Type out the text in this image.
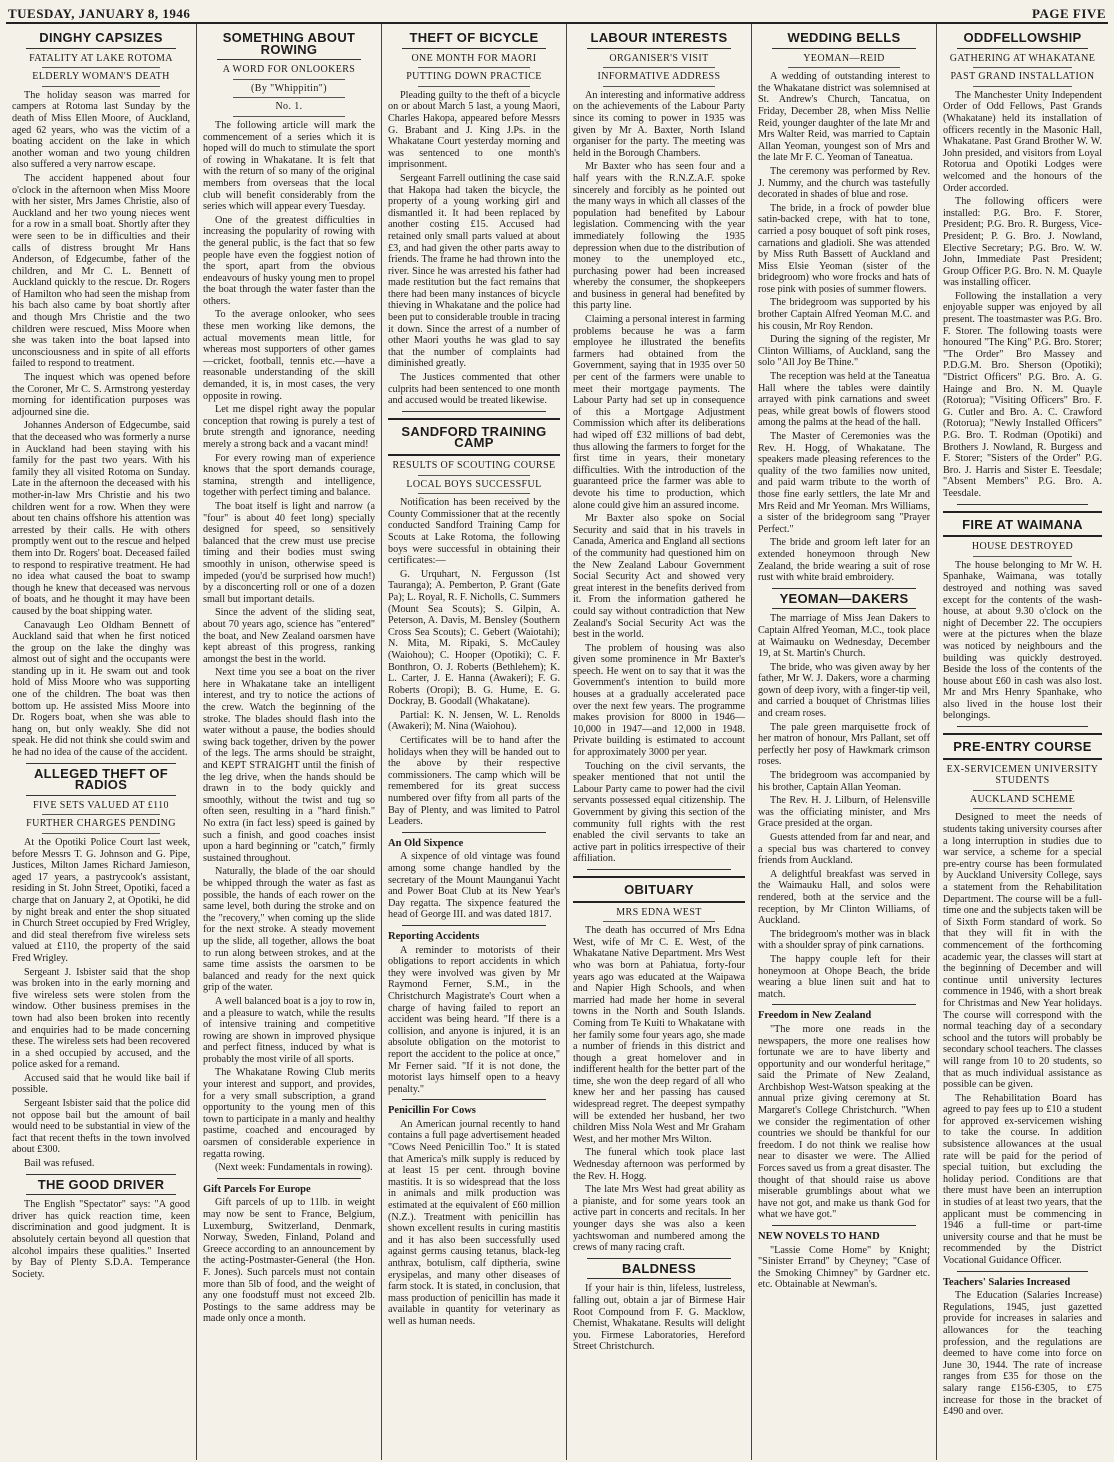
TUESDAY, JANUARY 8, 1946	PAGE FIVE
DINGHY CAPSIZES
FATALITY AT LAKE ROTOMA
ELDERLY WOMAN'S DEATH

The holiday season was marred for campers at Rotoma last Sunday by the death of Miss Ellen Moore, of Auckland, aged 62 years, who was the victim of a boating accident on the lake in which another woman and two young children also suffered a very narrow escape.

The accident happened about four o'clock in the afternoon when Miss Moore with her sister, Mrs James Christie, also of Auckland and her two young nieces went for a row in a small boat. Shortly after they were seen to be in difficulties and their calls of distress brought Mr Hans Anderson, of Edgecumbe, father of the children, and Mr C. L. Bennett of Auckland quickly to the rescue. Dr. Rogers of Hamilton who had seen the mishap from his bach also came by boat shortly after and though Mrs Christie and the two children were rescued, Miss Moore when she was taken into the boat lapsed into unconsciousness and in spite of all efforts failed to respond to treatment.

The inquest which was opened before the Coroner, Mr C. S. Armstrong yesterday morning for identification purposes was adjourned sine die.

Johannes Anderson of Edgecumbe, said that the deceased who was formerly a nurse in Auckland had been staying with his family for the past two years. With his family they all visited Rotoma on Sunday. Late in the afternoon the deceased with his mother-in-law Mrs Christie and his two children went for a row. When they were about ten chains offshore his attention was arrested by their calls. He with others promptly went out to the rescue and helped them into Dr. Rogers' boat. Deceased failed to respond to respirative treatment. He had no idea what caused the boat to swamp though he knew that deceased was nervous of boats, and he thought it may have been caused by the boat shipping water.

Canavaugh Leo Oldham Bennett of Auckland said that when he first noticed the group on the lake the dinghy was almost out of sight and the occupants were standing up in it. He swam out and took hold of Miss Moore who was supporting one of the children. The boat was then bottom up. He assisted Miss Moore into Dr. Rogers boat, when she was able to hang on, but only weakly. She did not speak. He did not think she could swim and he had no idea of the cause of the accident.

ALLEGED THEFT OF RADIOS
FIVE SETS VALUED AT £110
FURTHER CHARGES PENDING

At the Opotiki Police Court last week, before Messrs T. G. Johnson and G. Pipe, Justices, Milton James Richard Jamieson, aged 17 years, a pastrycook's assistant, residing in St. John Street, Opotiki, faced a charge that on January 2, at Opotiki, he did by night break and enter the shop situated in Church Street occupied by Fred Wrigley, and did steal therefrom five wireless sets valued at £110, the property of the said Fred Wrigley.

Sergeant J. Isbister said that the shop was broken into in the early morning and five wireless sets were stolen from the window. Other business premises in the town had also been broken into recently and enquiries had to be made concerning these. The wireless sets had been recovered in a shed occupied by accused, and the police asked for a remand.

Accused said that he would like bail if possible.

Sergeant Isbister said that the police did not oppose bail but the amount of bail would need to be substantial in view of the fact that recent thefts in the town involved about £300.

Bail was refused.

THE GOOD DRIVER

The English "Spectator" says: "A good driver has quick reaction time, keen discrimination and good judgment. It is absolutely certain beyond all question that alcohol impairs these qualities." Inserted by Bay of Plenty S.D.A. Temperance Society.

SOMETHING ABOUT ROWING
A WORD FOR ONLOOKERS
(By "Whippitin")
No. 1.

The following article will mark the commencement of a series which it is hoped will do much to stimulate the sport of rowing in Whakatane. It is felt that with the return of so many of the original members from overseas that the local club will benefit considerably from the series which will appear every Tuesday.

One of the greatest difficulties in increasing the popularity of rowing with the general public, is the fact that so few people have even the foggiest notion of the sport, apart from the obvious endeavours of husky young men to propel the boat through the water faster than the others.

To the average onlooker, who sees these men working like demons, the actual movements mean little, for whereas most supporters of other games—cricket, football, tennis etc.—have a reasonable understanding of the skill demanded, it is, in most cases, the very opposite in rowing.

Let me dispel right away the popular conception that rowing is purely a test of brute strength and ignorance, needing merely a strong back and a vacant mind!

For every rowing man of experience knows that the sport demands courage, stamina, strength and intelligence, together with perfect timing and balance.

The boat itself is light and narrow (a "four" is about 40 feet long) specially designed for speed, so sensitively balanced that the crew must use precise timing and their bodies must swing smoothly in unison, otherwise speed is impeded (you'd be surprised how much!) by a disconcerting roll or one of a dozen small but important details.

Since the advent of the sliding seat, about 70 years ago, science has "entered" the boat, and New Zealand oarsmen have kept abreast of this progress, ranking amongst the best in the world.

Next time you see a boat on the river here in Whakatane take an intelligent interest, and try to notice the actions of the crew. Watch the beginning of the stroke. The blades should flash into the water without a pause, the bodies should swing back together, driven by the power of the legs. The arms should be straight, and KEPT STRAIGHT until the finish of the leg drive, when the hands should be drawn in to the body quickly and smoothly, without the twist and tug so often seen, resulting in a "hard finish." No extra (in fact less) speed is gained by such a finish, and good coaches insist upon a hard beginning or "catch," firmly sustained throughout.

Naturally, the blade of the oar should be whipped through the water as fast as possible, the hands of each rower on the same level, both during the stroke and on the "recovery," when coming up the slide for the next stroke. A steady movement up the slide, all together, allows the boat to run along between strokes, and at the same time assists the oarsmen to be balanced and ready for the next quick grip of the water.

A well balanced boat is a joy to row in, and a pleasure to watch, while the results of intensive training and competitive rowing are shown in improved physique and perfect fitness, induced by what is probably the most virile of all sports.

The Whakatane Rowing Club merits your interest and support, and provides, for a very small subscription, a grand opportunity to the young men of this town to participate in a manly and healthy pastime, coached and encouraged by oarsmen of considerable experience in regatta rowing.

(Next week: Fundamentals in rowing).

Gift Parcels For Europe

Gift parcels of up to 11lb. in weight may now be sent to France, Belgium, Luxemburg, Switzerland, Denmark, Norway, Sweden, Finland, Poland and Greece according to an announcement by the acting-Postmaster-General (the Hon. F. Jones). Such parcels must not contain more than 5lb of food, and the weight of any one foodstuff must not exceed 2lb. Postings to the same address may be made only once a month.

THEFT OF BICYCLE
ONE MONTH FOR MAORI
PUTTING DOWN PRACTICE

Pleading guilty to the theft of a bicycle on or about March 5 last, a young Maori, Charles Hakopa, appeared before Messrs G. Brabant and J. King J.Ps. in the Whakatane Court yesterday morning and was sentenced to one month's imprisonment.

Sergeant Farrell outlining the case said that Hakopa had taken the bicycle, the property of a young working girl and dismantled it. It had been replaced by another costing £15. Accused had retained only small parts valued at about £3, and had given the other parts away to friends. The frame he had thrown into the river. Since he was arrested his father had made restitution but the fact remains that there had been many instances of bicycle thieving in Whakatane and the police had been put to considerable trouble in tracing it down. Since the arrest of a number of other Maori youths he was glad to say that the number of complaints had diminished greatly.

The Justices commented that other culprits had been sentenced to one month and accused would be treated likewise.

SANDFORD TRAINING CAMP
RESULTS OF SCOUTING COURSE
LOCAL BOYS SUCCESSFUL

Notification has been received by the County Commissioner that at the recently conducted Sandford Training Camp for Scouts at Lake Rotoma, the following boys were successful in obtaining their certificates:—

G. Urquhart, N. Fergusson (1st Tauranga); A. Pemberton, P. Grant (Gate Pa); L. Royal, R. F. Nicholls, C. Summers (Mount Sea Scouts); S. Gilpin, A. Peterson, A. Davis, M. Bensley (Southern Cross Sea Scouts); C. Gebert (Waiotahi); N. Mita, M. Ripaki, S. McCauley (Waiohou); C. Hooper (Opotiki); C. F. Bonthron, O. J. Roberts (Bethlehem); K. L. Carter, J. E. Hanna (Awakeri); F. G. Roberts (Oropi); B. G. Hume, E. G. Dockray, B. Goodall (Whakatane).

Partial: K. N. Jensen, W. L. Renolds (Awakeri); M. Nina (Waiohou).

Certificates will be to hand after the holidays when they will be handed out to the above by their respective commissioners. The camp which will be remembered for its great success numbered over fifty from all parts of the Bay of Plenty, and was limited to Patrol Leaders.

An Old Sixpence

A sixpence of old vintage was found among some change handled by the secretary of the Mount Maunganui Yacht and Power Boat Club at its New Year's Day regatta. The sixpence featured the head of George III. and was dated 1817.

Reporting Accidents

A reminder to motorists of their obligations to report accidents in which they were involved was given by Mr Raymond Ferner, S.M., in the Christchurch Magistrate's Court when a charge of having failed to report an accident was being heard. "If there is a collision, and anyone is injured, it is an absolute obligation on the motorist to report the accident to the police at once," Mr Ferner said. "If it is not done, the motorist lays himself open to a heavy penalty."

Penicillin For Cows

An American journal recently to hand contains a full page advertisement headed "Cows Need Penicillin Too." It is stated that America's milk supply is reduced by at least 15 per cent. through bovine mastitis. It is so widespread that the loss in animals and milk production was estimated at the equivalent of £60 million (N.Z.). Treatment with penicillin has shown excellent results in curing mastitis and it has also been successfully used against germs causing tetanus, black-leg anthrax, botulism, calf diptheria, swine erysipelas, and many other diseases of farm stock. It is stated, in conclusion, that mass production of penicillin has made it available in quantity for veterinary as well as human needs.

LABOUR INTERESTS
ORGANISER'S VISIT
INFORMATIVE ADDRESS

An interesting and informative address on the achievements of the Labour Party since its coming to power in 1935 was given by Mr A. Baxter, North Island organiser for the party. The meeting was held in the Borough Chambers.

Mr Baxter who has seen four and a half years with the R.N.Z.A.F. spoke sincerely and forcibly as he pointed out the many ways in which all classes of the population had benefited by Labour legislation. Commencing with the year immediately following the 1935 depression when due to the distribution of money to the unemployed etc., purchasing power had been increased whereby the consumer, the shopkeepers and business in general had benefited by this party line.

Claiming a personal interest in farming problems because he was a farm employee he illustrated the benefits farmers had obtained from the Government, saying that in 1935 over 50 per cent of the farmers were unable to meet their mortgage payments. The Labour Party had set up in consequence of this a Mortgage Adjustment Commission which after its deliberations had wiped off £32 millions of bad debt, thus allowing the farmers to forget for the first time in years, their monetary difficulties. With the introduction of the guaranteed price the farmer was able to devote his time to production, which alone could give him an assured income.

Mr Baxter also spoke on Social Security and said that in his travels in Canada, America and England all sections of the community had questioned him on the New Zealand Labour Government Social Security Act and showed very great interest in the benefits derived from it. From the information gathered he could say without contradiction that New Zealand's Social Security Act was the best in the world.

The problem of housing was also given some prominence in Mr Baxter's speech. He went on to say that it was the Government's intention to build more houses at a gradually accelerated pace over the next few years. The programme makes provision for 8000 in 1946—10,000 in 1947—and 12,000 in 1948. Private building is estimated to account for approximately 3000 per year.

Touching on the civil servants, the speaker mentioned that not until the Labour Party came to power had the civil servants possessed equal citizenship. The Government by giving this section of the community full rights with the rest enabled the civil servants to take an active part in politics irrespective of their affiliation.

OBITUARY
MRS EDNA WEST

The death has occurred of Mrs Edna West, wife of Mr C. E. West, of the Whakatane Native Department. Mrs West who was born at Pahiatua, forty-four years ago was educated at the Waipawa and Napier High Schools, and when married had made her home in several towns in the North and South Islands. Coming from Te Kuiti to Whakatane with her family some four years ago, she made a number of friends in this district and though a great homelover and in indifferent health for the better part of the time, she won the deep regard of all who knew her and her passing has caused widespread regret. The deepest sympathy will be extended her husband, her two children Miss Nola West and Mr Graham West, and her mother Mrs Wilton.

The funeral which took place last Wednesday afternoon was performed by the Rev. H. Hogg.

The late Mrs West had great ability as a pianiste, and for some years took an active part in concerts and recitals. In her younger days she was also a keen yachtswoman and numbered among the crews of many racing craft.

BALDNESS

If your hair is thin, lifeless, lustreless, falling out, obtain a jar of Birmese Hair Root Compound from F. G. Macklow, Chemist, Whakatane. Results will delight you. Firmese Laboratories, Hereford Street Christchurch.

WEDDING BELLS
YEOMAN—REID

A wedding of outstanding interest to the Whakatane district was solemnised at St. Andrew's Church, Tancatua, on Friday, December 28, when Miss Nellie Reid, younger daughter of the late Mr and Mrs Walter Reid, was married to Captain Allan Yeoman, youngest son of Mrs and the late Mr F. C. Yeoman of Taneatua.

The ceremony was performed by Rev. J. Nummy, and the church was tastefully decorated in shades of blue and rose.

The bride, in a frock of powder blue satin-backed crepe, with hat to tone, carried a posy bouquet of soft pink roses, carnations and gladioli. She was attended by Miss Ruth Bassett of Auckland and Miss Elsie Yeoman (sister of the bridegroom) who wore frocks and hats of rose pink with posies of summer flowers.

The bridegroom was supported by his brother Captain Alfred Yeoman M.C. and his cousin, Mr Roy Rendon.

During the signing of the register, Mr Clinton Williams, of Auckland, sang the solo "All Joy Be Thine."

The reception was held at the Taneatua Hall where the tables were daintily arrayed with pink carnations and sweet peas, while great bowls of flowers stood among the palms at the head of the hall.

The Master of Ceremonies was the Rev. H. Hogg, of Whakatane. The speakers made pleasing references to the quality of the two families now united, and paid warm tribute to the worth of those fine early settlers, the late Mr and Mrs Reid and Mr Yeoman. Mrs Williams, a sister of the bridegroom sang "Prayer Perfect."

The bride and groom left later for an extended honeymoon through New Zealand, the bride wearing a suit of rose rust with white braid embroidery.

YEOMAN—DAKERS

The marriage of Miss Jean Dakers to Captain Alfred Yeoman, M.C., took place at Waimauku on Wednesday, December 19, at St. Martin's Church.

The bride, who was given away by her father, Mr W. J. Dakers, wore a charming gown of deep ivory, with a finger-tip veil, and carried a bouquet of Christmas lilies and cream roses.

The pale green marquisette frock of her matron of honour, Mrs Pallant, set off perfectly her posy of Hawkmark crimson roses.

The bridegroom was accompanied by his brother, Captain Allan Yeoman.

The Rev. H. J. Lilburn, of Helensville was the officiating minister, and Mrs Grace presided at the organ.

Guests attended from far and near, and a special bus was chartered to convey friends from Auckland.

A delightful breakfast was served in the Waimauku Hall, and solos were rendered, both at the service and the reception, by Mr Clinton Williams, of Auckland.

The bridegroom's mother was in black with a shoulder spray of pink carnations.

The happy couple left for their honeymoon at Ohope Beach, the bride wearing a blue linen suit and hat to match.

Freedom in New Zealand

"The more one reads in the newspapers, the more one realises how fortunate we are to have liberty and opportunity and our wonderful heritage," said the Primate of New Zealand, Archbishop West-Watson speaking at the annual prize giving ceremony at St. Margaret's College Christchurch. "When we consider the regimentation of other countries we should be thankful for our freedom. I do not think we realise how near to disaster we were. The Allied Forces saved us from a great disaster. The thought of that should raise us above miserable grumblings about what we have not got, and make us thank God for what we have got."

NEW NOVELS TO HAND

"Lassie Come Home" by Knight; "Sinister Errand" by Cheyney; "Case of the Smoking Chimney" by Gardner etc. etc. Obtainable at Newman's.

ODDFELLOWSHIP
GATHERING AT WHAKATANE
PAST GRAND INSTALLATION

The Manchester Unity Independent Order of Odd Fellows, Past Grands (Whakatane) held its installation of officers recently in the Masonic Hall, Whakatane. Past Grand Brother W. W. John presided, and visitors from Loyal Rotorua and Opotiki Lodges were welcomed and the honours of the Order accorded.

The following officers were installed: P.G. Bro. F. Storer, President; P.G. Bro. R. Burgess, Vice-President; P. G. Bro. J. Nowland, Elective Secretary; P.G. Bro. W. W. John, Immediate Past President; Group Officer P.G. Bro. N. M. Quayle was installing officer.

Following the installation a very enjoyable supper was enjoyed by all present. The toastmaster was P.G. Bro. F. Storer. The following toasts were honoured "The King" P.G. Bro. Storer; "The Order" Bro Massey and P.D.G.M. Bro. Sherson (Opotiki); "District Officers" P.G. Bro. A. G. Hainge and Bro. N. M. Quayle (Rotorua); "Visiting Officers" Bro. F. G. Cutler and Bro. A. C. Crawford (Rotorua); "Newly Installed Officers" P.G. Bro. T. Rodman (Opotiki) and Brothers J. Nowland, R. Burgess and F. Storer; "Sisters of the Order" P.G. Bro. J. Harris and Sister E. Teesdale; "Absent Members" P.G. Bro. A. Teesdale.

FIRE AT WAIMANA
HOUSE DESTROYED

The house belonging to Mr W. H. Spanhake, Waimana, was totally destroyed and nothing was saved except for the contents of the wash-house, at about 9.30 o'clock on the night of December 22. The occupiers were at the pictures when the blaze was noticed by neighbours and the building was quickly destroyed. Beside the loss of the contents of the house about £60 in cash was also lost. Mr and Mrs Henry Spanhake, who also lived in the house lost their belongings.

PRE-ENTRY COURSE
EX-SERVICEMEN UNIVERSITY STUDENTS
AUCKLAND SCHEME

Designed to meet the needs of students taking university courses after a long interruption in studies due to war service, a scheme for a special pre-entry course has been formulated by Auckland University College, says a statement from the Rehabilitation Department. The course will be a full-time one and the subjects taken will be of Sixth Form standard of work. So that they will fit in with the commencement of the forthcoming academic year, the classes will start at the beginning of December and will continue until university lectures commence in 1946, with a short break for Christmas and New Year holidays. The course will correspond with the normal teaching day of a secondary school and the tutors will probably be secondary school teachers. The classes will range from 10 to 20 students, so that as much individual assistance as possible can be given.

The Rehabilitation Board has agreed to pay fees up to £10 a student for approved ex-servicemen wishing to take the course. In addition subsistence allowances at the usual rate will be paid for the period of special tuition, but excluding the holiday period. Conditions are that there must have been an interruption in studies of at least two years, that the applicant must be commencing in 1946 a full-time or part-time university course and that he must be recommended by the District Vocational Guidance Officer.

Teachers' Salaries Increased

The Education (Salaries Increase) Regulations, 1945, just gazetted provide for increases in salaries and allowances for the teaching profession, and the regulations are deemed to have come into force on June 30, 1944. The rate of increase ranges from £35 for those on the salary range £156-£305, to £75 increase for those in the bracket of £490 and over.
